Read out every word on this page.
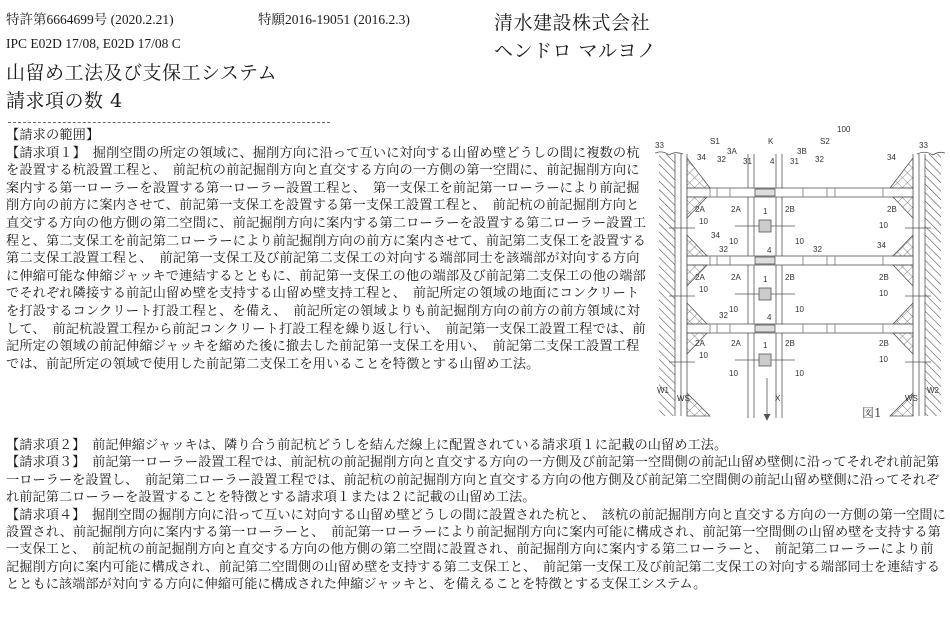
特許第6664699号 (2020.2.21)	特願2016-19051 (2016.2.3)
IPC E02D 17/08, E02D 17/08 C
山留め工法及び支保工システム
請求項の数 4
清水建設株式会社
ヘンドロ マルヨノ

【請求の範囲】

【請求項１】　掘削空間の所定の領域に、掘削方向に沿って互いに対向する山留め壁どうしの間に複数の杭を設置する杭設置工程と、　前記杭の前記掘削方向と直交する方向の一方側の第一空間に、前記掘削方向に案内する第一ローラーを設置する第一ローラー設置工程と、　第一支保工を前記第一ローラーにより前記掘削方向の前方に案内させて、前記第一支保工を設置する第一支保工設置工程と、　前記杭の前記掘削方向と直交する方向の他方側の第二空間に、前記掘削方向に案内する第二ローラーを設置する第二ローラー設置工程と、第二支保工を前記第二ローラーにより前記掘削方向の前方に案内させて、前記第二支保工を設置する第二支保工設置工程と、　前記第一支保工及び前記第二支保工の対向する端部同士を該端部が対向する方向に伸縮可能な伸縮ジャッキで連結するとともに、前記第一支保工の他の端部及び前記第二支保工の他の端部でそれぞれ隣接する前記山留め壁を支持する山留め壁支持工程と、　前記所定の領域の地面にコンクリートを打設するコンクリート打設工程と、を備え、　前記所定の領域よりも前記掘削方向の前方の前方領域に対して、　前記杭設置工程から前記コンクリート打設工程を繰り返し行い、　前記第一支保工設置工程では、前記所定の領域の前記伸縮ジャッキを縮めた後に撤去した前記第一支保工を用い、　前記第二支保工設置工程では、前記所定の領域で使用した前記第二支保工を用いることを特徴とする山留め工法。

【請求項２】　前記伸縮ジャッキは、隣り合う前記杭どうしを結んだ線上に配置されている請求項１に記載の山留め工法。

【請求項３】　前記第一ローラー設置工程では、前記杭の前記掘削方向と直交する方向の一方側及び前記第一空間側の前記山留め壁側に沿ってそれぞれ前記第一ローラーを設置し、　前記第二ローラー設置工程では、前記杭の前記掘削方向と直交する方向の他方側及び前記第二空間側の前記山留め壁側に沿ってそれぞれ前記第二ローラーを設置することを特徴とする請求項１または２に記載の山留め工法。

【請求項４】　掘削空間の掘削方向に沿って互いに対向する山留め壁どうしの間に設置された杭と、　該杭の前記掘削方向と直交する方向の一方側の第一空間に設置され、前記掘削方向に案内する第一ローラーと、　前記第一ローラーにより前記掘削方向に案内可能に構成され、前記第一空間側の山留め壁を支持する第一支保工と、　前記杭の前記掘削方向と直交する方向の他方側の第二空間に設置され、前記掘削方向に案内する第二ローラーと、　前記第二ローラーにより前記掘削方向に案内可能に構成され、前記第二空間側の山留め壁を支持する第二支保工と、　前記第一支保工及び前記第二支保工の対向する端部同士を連結するとともに該端部が対向する方向に伸縮可能に構成された伸縮ジャッキと、を備えることを特徴とする支保工システム。

33	33
34	34
S1	K	S2
100
32
3A
31 4 31
3B
32
2A
10
2A
10
1 2B
10
2B
10
34
32	4	32	34
2A
10
2A
10
1 2B
10
2B
10
2A
10
2A
10
1 2B
10
2B
10
32	4
W1
WS	X	WS
W2
図1
